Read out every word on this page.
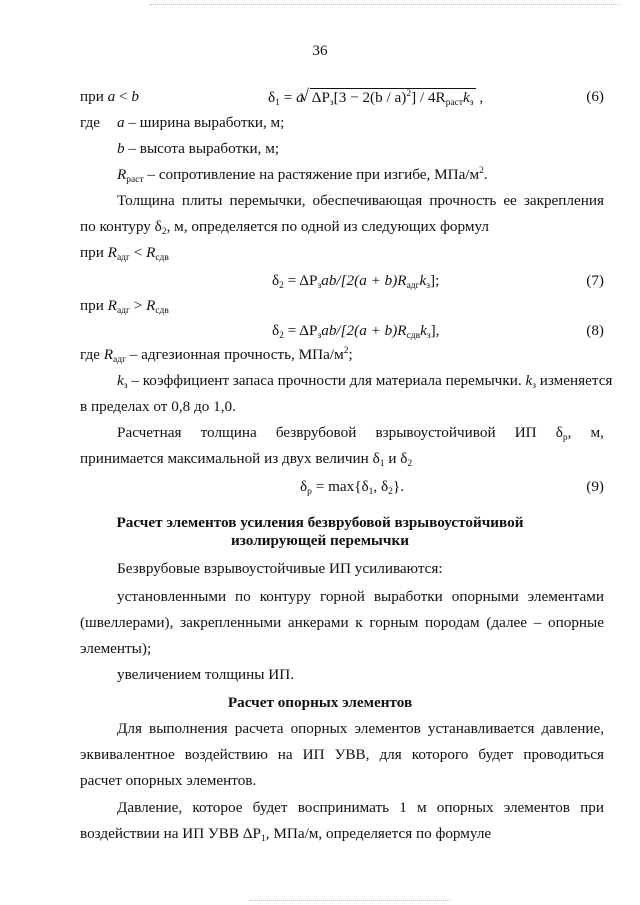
36
при a < b	$\delta_1 = a√$ $\Delta P_з[3 - 2(b / a)^2] / 4R_{раст}k_з$ ,	(6)
где a – ширина выработки, м;
b – высота выработки, м;
$R_{раст}$ – сопротивление на растяжение при изгибе, МПа/$м^2$.
Толщина плиты перемычки, обеспечивающая прочность ее закрепления
по контуру $\delta_2$, м, определяется по одной из следующих формул
при $R_{адг} < R_{сдв}$
$\delta_2 = \Delta P_зab/[2(a + b)R_{адг}k_з]$;	(7)
при $R_{адг} > R_{сдв}$
$\delta_2 = \Delta P_зab/[2(a + b)R_{сдв}k_з]$,	(8)
где $R_{адг}$ – адгезионная прочность, МПа/$м^2$;
$k_з$ – коэффициент запаса прочности для материала перемычки. $k_з$ изменяется
в пределах от 0,8 до 1,0.
Расчетная толщина безврубовой взрывоустойчивой ИП $\delta_р$, м,
принимается максимальной из двух величин $\delta_1$ и $\delta_2$
$\delta_р = \max\{\delta_1$, $\delta_2$}.	(9)
Расчет элементов усиления безврубовой взрывоустойчивой
изолирующей перемычки
Безврубовые взрывоустойчивые ИП усиливаются:
установленными по контуру горной выработки опорными элементами
(швеллерами), закрепленными анкерами к горным породам (далее – опорные
элементы);
увеличением толщины ИП.
Расчет опорных элементов
Для выполнения расчета опорных элементов устанавливается давление,
эквивалентное воздействию на ИП УВВ, для которого будет проводиться
расчет опорных элементов.
Давление, которое будет воспринимать 1 м опорных элементов при
воздействии на ИП УВВ $\Delta P_1$, МПа/м, определяется по формуле
